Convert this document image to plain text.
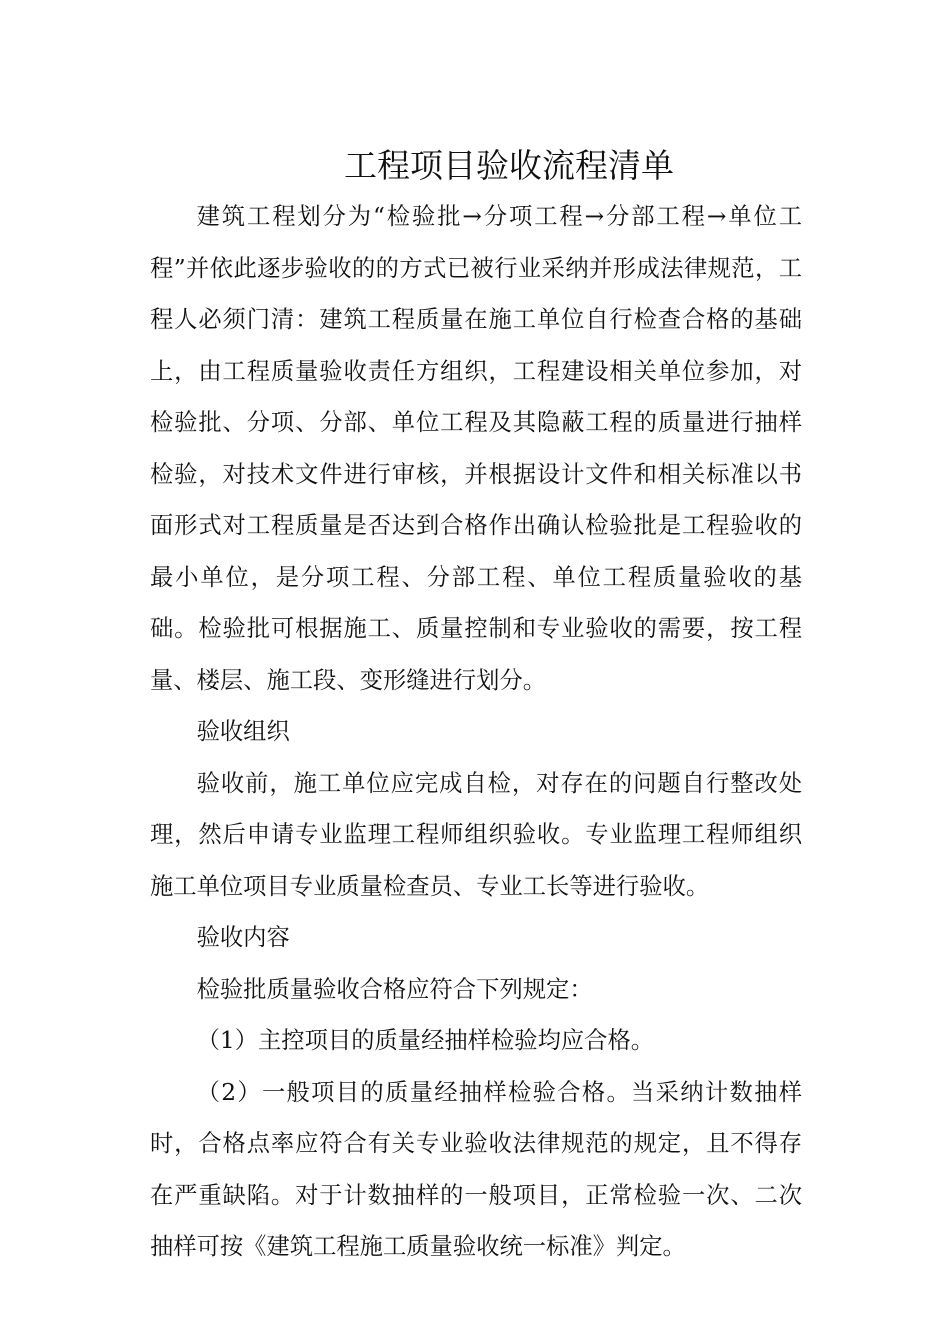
工程项目验收流程清单

建筑工程划分为“检验批→分项工程→分部工程→单位工程”并依此逐步验收的的方式已被行业采纳并形成法律规范，工程人必须门清：建筑工程质量在施工单位自行检查合格的基础上，由工程质量验收责任方组织，工程建设相关单位参加，对检验批、分项、分部、单位工程及其隐蔽工程的质量进行抽样检验，对技术文件进行审核，并根据设计文件和相关标准以书面形式对工程质量是否达到合格作出确认检验批是工程验收的最小单位，是分项工程、分部工程、单位工程质量验收的基础。检验批可根据施工、质量控制和专业验收的需要，按工程量、楼层、施工段、变形缝进行划分。

验收组织

验收前，施工单位应完成自检，对存在的问题自行整改处理，然后申请专业监理工程师组织验收。专业监理工程师组织施工单位项目专业质量检查员、专业工长等进行验收。

验收内容

检验批质量验收合格应符合下列规定：

（1）主控项目的质量经抽样检验均应合格。

（2）一般项目的质量经抽样检验合格。当采纳计数抽样时，合格点率应符合有关专业验收法律规范的规定，且不得存在严重缺陷。对于计数抽样的一般项目，正常检验一次、二次抽样可按《建筑工程施工质量验收统一标准》判定。
